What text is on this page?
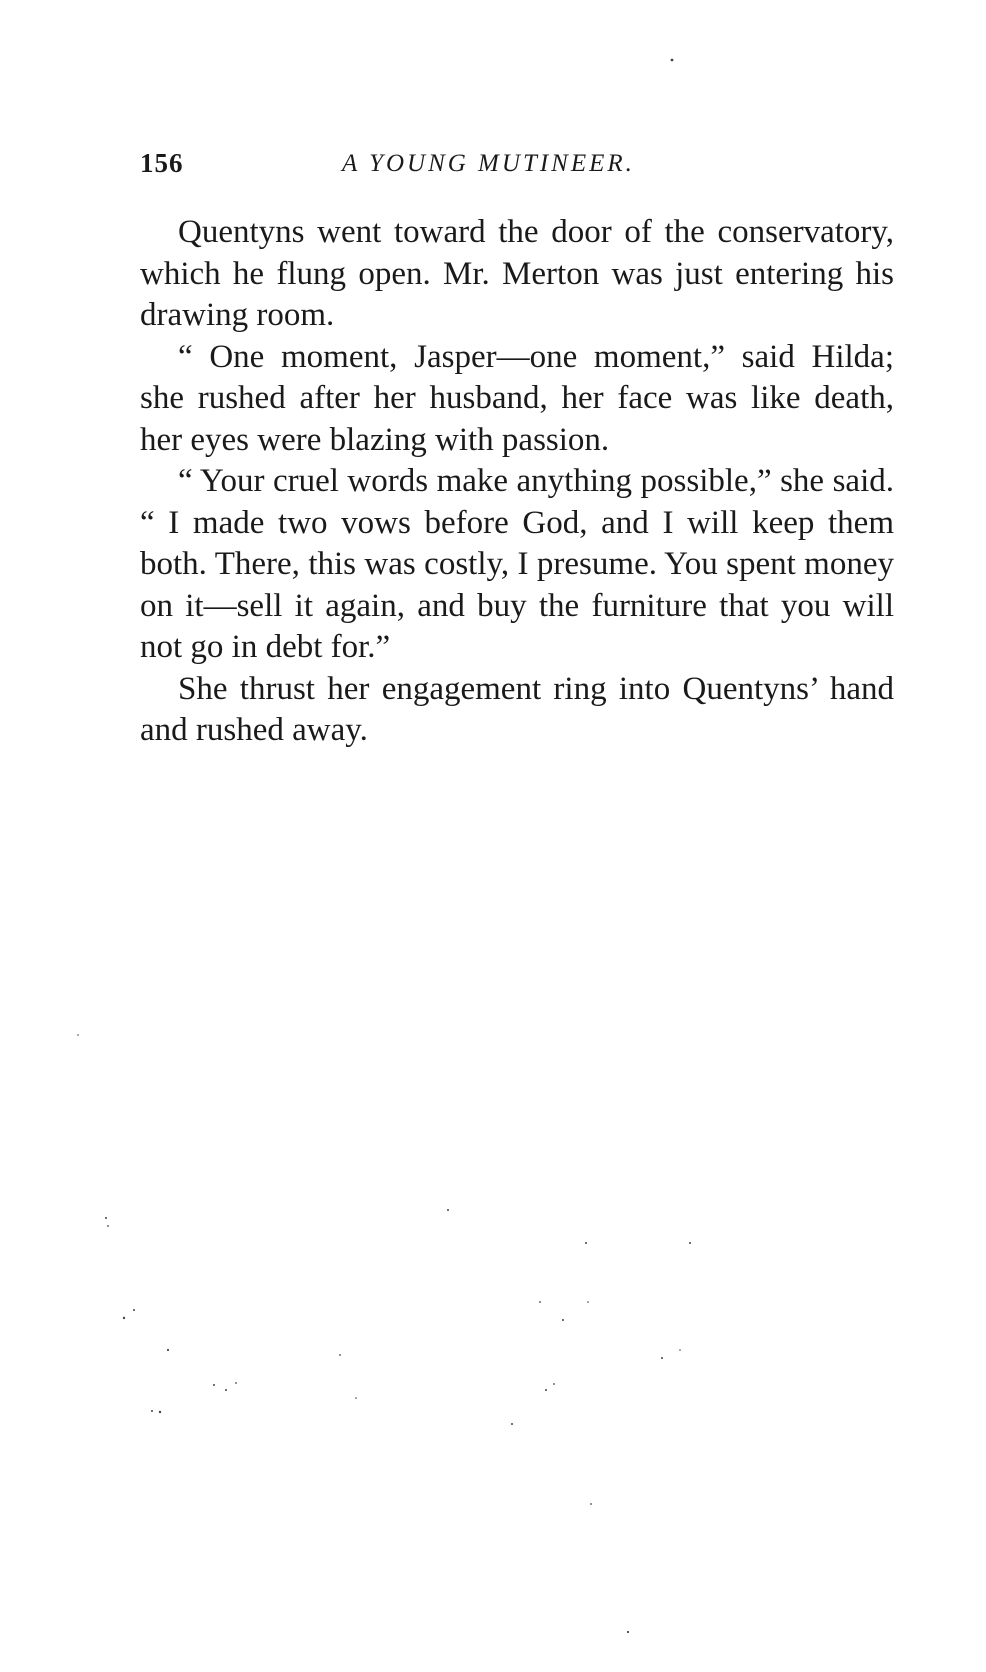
156	A YOUNG MUTINEER.

Quentyns went toward the door of the conservatory, which he flung open. Mr. Merton was just entering his drawing room.

“ One moment, Jasper—one moment,” said Hilda; she rushed after her husband, her face was like death, her eyes were blazing with passion.

“ Your cruel words make anything possible,” she said. “ I made two vows before God, and I will keep them both. There, this was costly, I presume. You spent money on it—sell it again, and buy the furniture that you will not go in debt for.”

She thrust her engagement ring into Quentyns’ hand and rushed away.
